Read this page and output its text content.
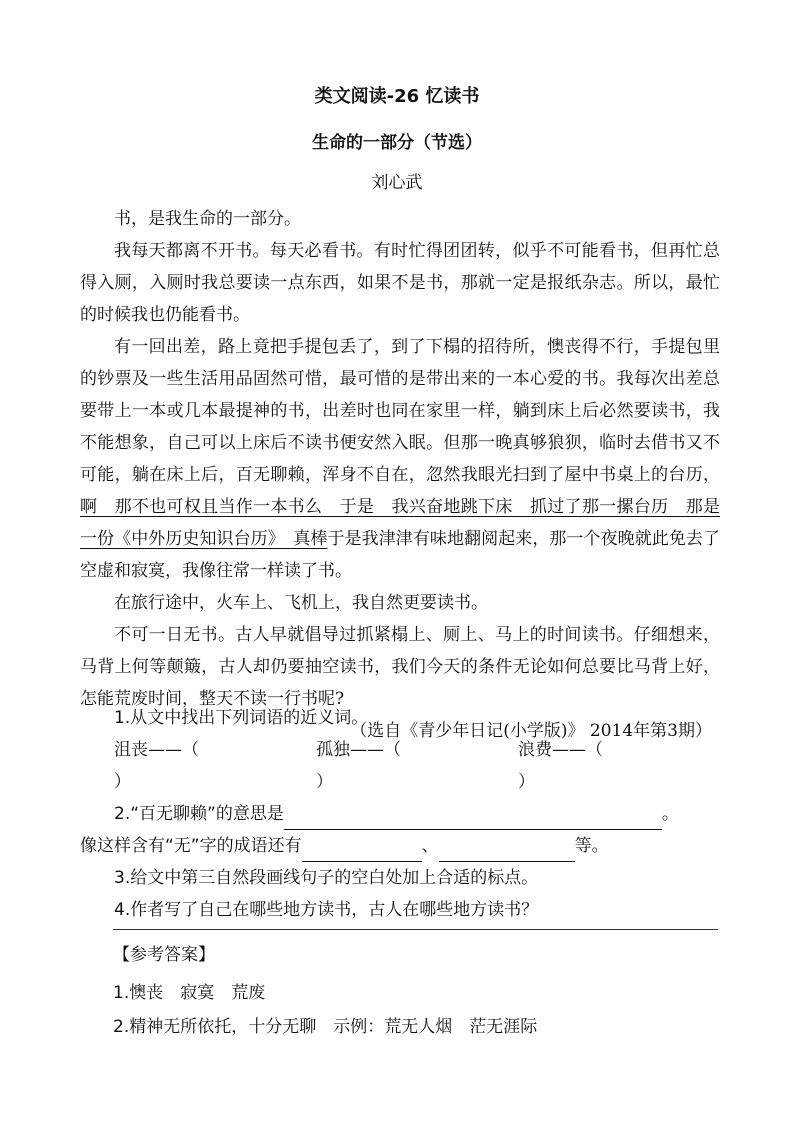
类文阅读-26 忆读书
生命的一部分（节选）
刘心武

书，是我生命的一部分。

我每天都离不开书。每天必看书。有时忙得团团转，似乎不可能看书，但再忙总得入厕，入厕时我总要读一点东西，如果不是书，那就一定是报纸杂志。所以，最忙的时候我也仍能看书。

有一回出差，路上竟把手提包丢了，到了下榻的招待所，懊丧得不行，手提包里的钞票及一些生活用品固然可惜，最可惜的是带出来的一本心爱的书。我每次出差总要带上一本或几本最提神的书，出差时也同在家里一样，躺到床上后必然要读书，我不能想象，自己可以上床后不读书便安然入眠。但那一晚真够狼狈，临时去借书又不可能，躺在床上后，百无聊赖，浑身不自在，忽然我眼光扫到了屋中书桌上的台历，啊　那不也可权且当作一本书么　于是　我兴奋地跳下床　抓过了那一摞台历　那是一份《中外历史知识台历》　真棒于是我津津有味地翻阅起来，那一个夜晚就此免去了空虚和寂寞，我像往常一样读了书。

在旅行途中，火车上、飞机上，我自然更要读书。

不可一日无书。古人早就倡导过抓紧榻上、厕上、马上的时间读书。仔细想来，马背上何等颠簸，古人却仍要抽空读书，我们今天的条件无论如何总要比马背上好，怎能荒废时间，整天不读一行书呢?

（选自《青少年日记(小学版)》 2014年第3期）

1.从文中找出下列词语的近义词。

沮丧——（）
孤独——（）
浪费——（）

2.“百无聊赖”的意思是	。

像这样含有“无”字的成语还有	、	等。

3.给文中第三自然段画线句子的空白处加上合适的标点。

4.作者写了自己在哪些地方读书，古人在哪些地方读书？

【参考答案】

1.懊丧　寂寞　荒废

2.精神无所依托，十分无聊　示例：荒无人烟　茫无涯际
